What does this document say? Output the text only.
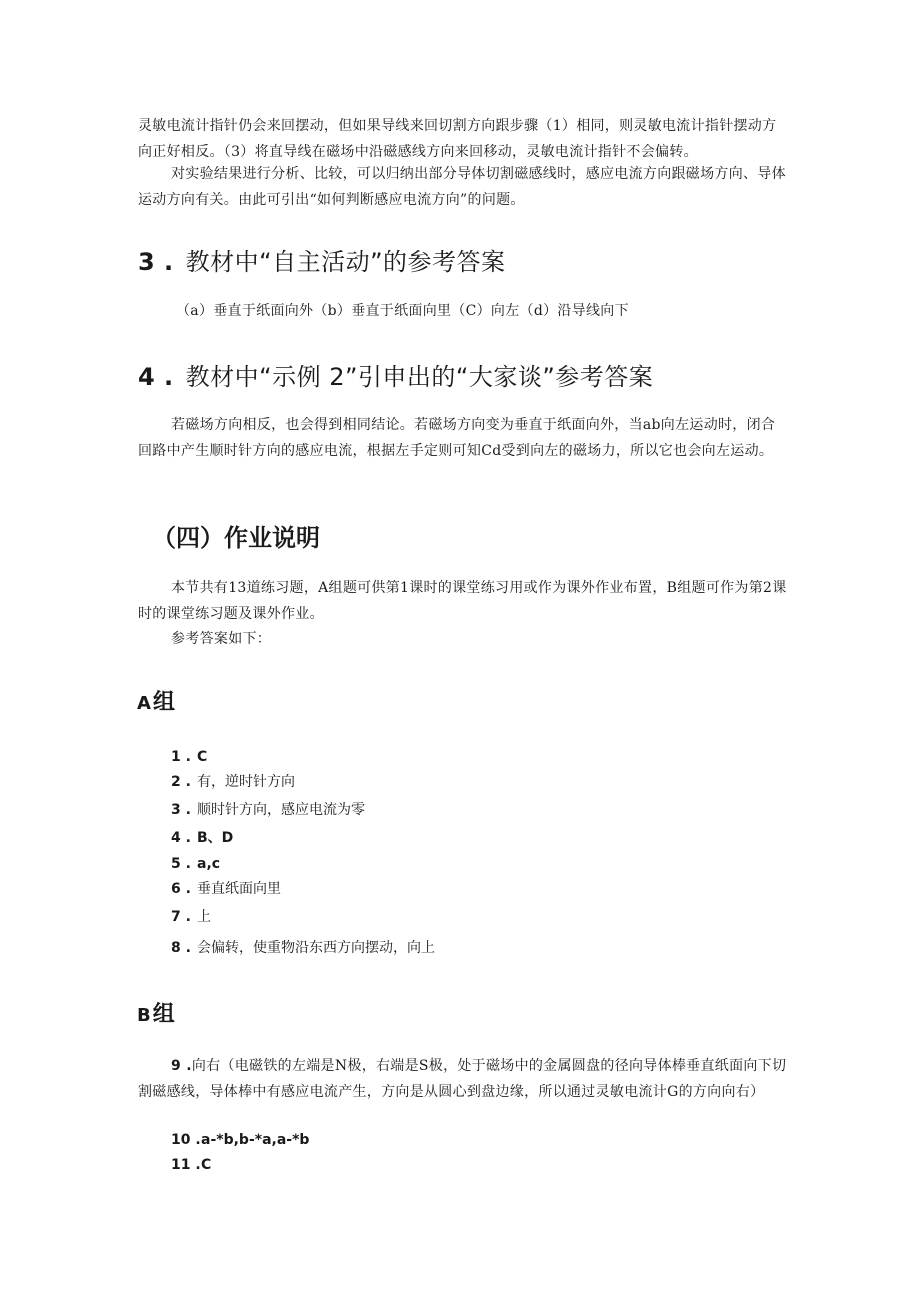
灵敏电流计指针仍会来回摆动，但如果导线来回切割方向跟步骤（1）相同，则灵敏电流计指针摆动方向正好相反。（3）将直导线在磁场中沿磁感线方向来回移动，灵敏电流计指针不会偏转。

对实验结果进行分析、比较，可以归纳出部分导体切割磁感线时，感应电流方向跟磁场方向、导体运动方向有关。由此可引出“如何判断感应电流方向”的问题。

3 . 教材中“自主活动”的参考答案

（a）垂直于纸面向外（b）垂直于纸面向里（C）向左（d）沿导线向下

4 . 教材中“示例 2”引申出的“大家谈”参考答案

若磁场方向相反，也会得到相同结论。若磁场方向变为垂直于纸面向外，当ab向左运动时，闭合回路中产生顺时针方向的感应电流，根据左手定则可知Cd受到向左的磁场力，所以它也会向左运动。

（四）作业说明

本节共有13道练习题，A组题可供第1课时的课堂练习用或作为课外作业布置，B组题可作为第2课时的课堂练习题及课外作业。

参考答案如下：

A组
1 . C
2 . 有，逆时针方向
3 . 顺时针方向，感应电流为零
4 . B、D
5 . a,c
6 . 垂直纸面向里
7 . 上
8 . 会偏转，使重物沿东西方向摆动，向上
B组

9 .向右（电磁铁的左端是N极，右端是S极，处于磁场中的金属圆盘的径向导体棒垂直纸面向下切割磁感线，导体棒中有感应电流产生，方向是从圆心到盘边缘，所以通过灵敏电流计G的方向向右）

10 .a-*b,b-*a,a-*b
11 .C
